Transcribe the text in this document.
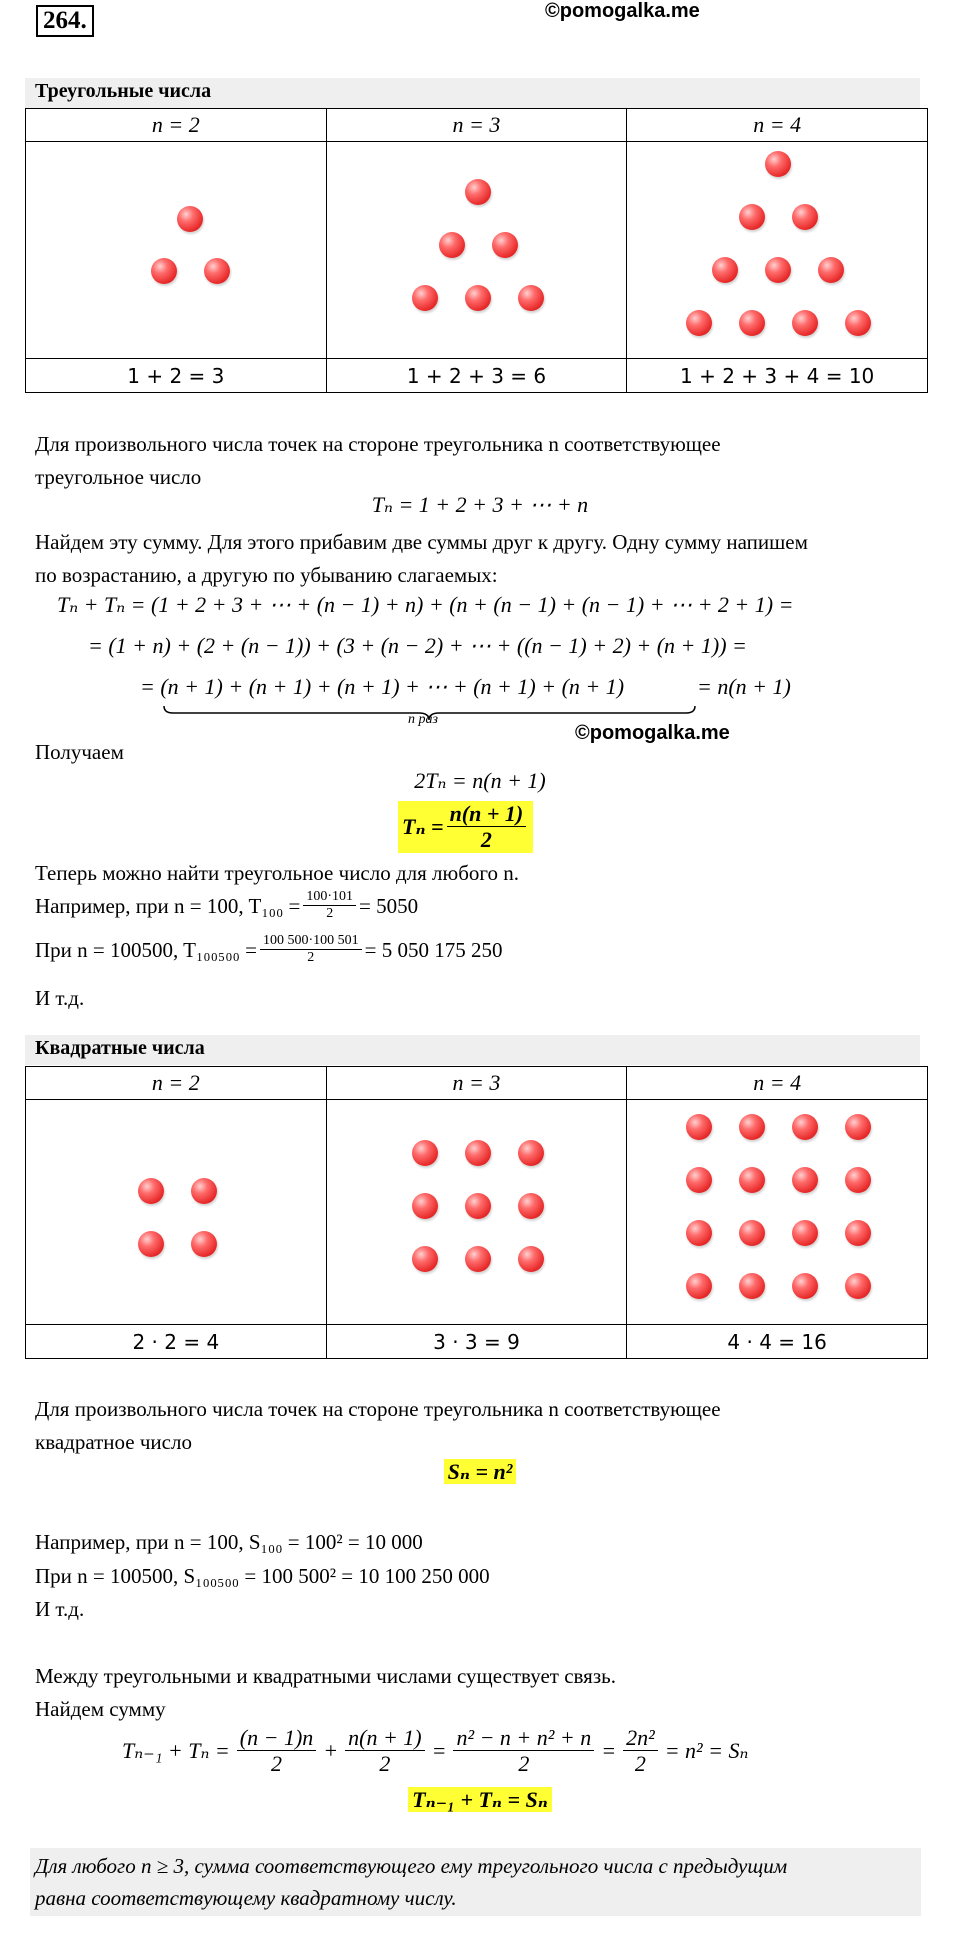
264.	©pomogalka.me
Треугольные числа
n = 2	n = 3	n = 4

1 + 2 = 3	1 + 2 + 3 = 6	1 + 2 + 3 + 4 = 10
Для произвольного числа точек на стороне треугольника n соответствующее
треугольное число
Tₙ = 1 + 2 + 3 + ⋯ + n
Найдем эту сумму. Для этого прибавим две суммы друг к другу. Одну сумму напишем
по возрастанию, а другую по убыванию слагаемых:
Tₙ + Tₙ = (1 + 2 + 3 + ⋯ + (n − 1) + n) + (n + (n − 1) + (n − 1) + ⋯ + 2 + 1) =
= (1 + n) + (2 + (n − 1)) + (3 + (n − 2) + ⋯ + ((n − 1) + 2) + (n + 1)) =
= (n + 1) + (n + 1) + (n + 1) + ⋯ + (n + 1) + (n + 1)	= n(n + 1)
n раз
Получаем
©pomogalka.me
2Tₙ = n(n + 1)
$T_n = \frac{n(n + 1)}{2}$
Теперь можно найти треугольное число для любого n.
Например, при n = 100, $T_{100} = \frac{100\cdot 101}{2} = 5050$
При n = 100500, $T_{100500} = \frac{100 500\cdot 100 501}{2} = 5$ 050 175 250
И т.д.
Квадратные числа
n = 2	n = 3	n = 4

2 · 2 = 4	3 · 3 = 9	4 · 4 = 16
Для произвольного числа точек на стороне треугольника n соответствующее
квадратное число
Sₙ = n²
Например, при n = 100, S₁₀₀ = 100² = 10 000
При n = 100500, S₁₀₀₅₀₀ = 100 500² = 10 100 250 000
И т.д.
Между треугольными и квадратными числами существует связь.
Найдем сумму
$T_{n-1} + T_n = \frac{(n - 1)n}{2} + \frac{n(n + 1)}{2} = \frac{\text{n² − n + n² + n}}{2} = \frac{\text{2n²}}{2} = n^2 = S_n$
Tₙ₋₁ + Tₙ = Sₙ
Для любого n ≥ 3, сумма соответствующего ему треугольного числа с предыдущим
равна соответствующему квадратному числу.
